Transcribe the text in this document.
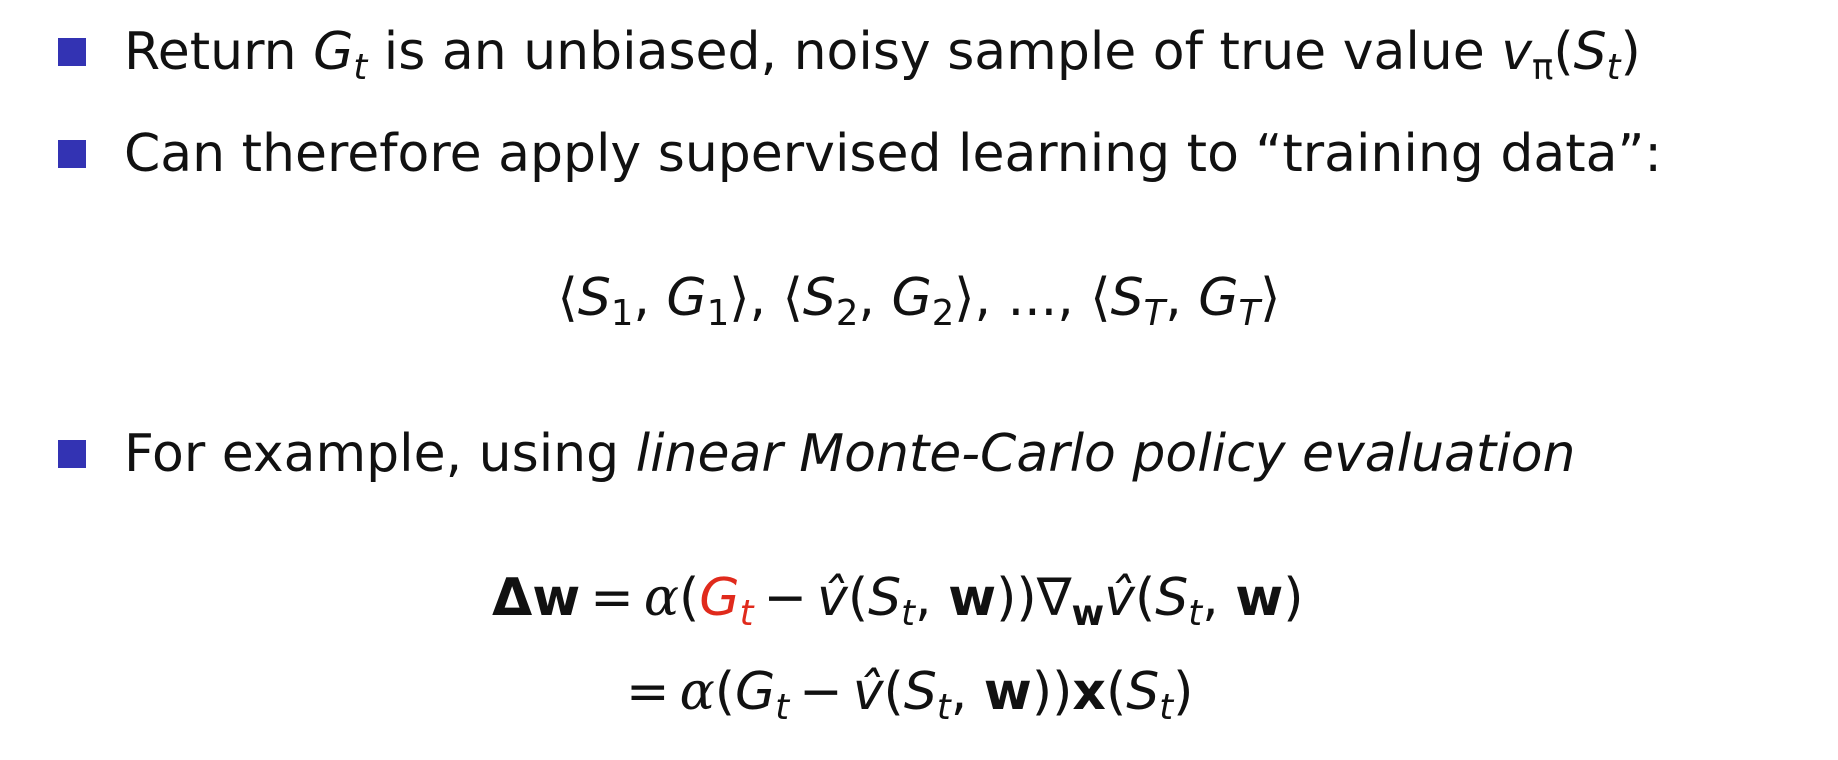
Return $G_t$ is an unbiased, noisy sample of true value $v_\pi(S_t)$
Can therefore apply supervised learning to “training data”:
$⟨S_1$, $G_1⟩$, $⟨S_2$, $G_2⟩$, ..., $⟨S_T$, $G_T⟩$
For example, using linear Monte-Carlo policy evaluation
$\Delta w = \alpha(G_t$ − $v̂(S_t$, $w))\nabla_wv̂(S_t$, w)
= $\alpha(G_t$ − $v̂(S_t$, $w))x(S_t)$
